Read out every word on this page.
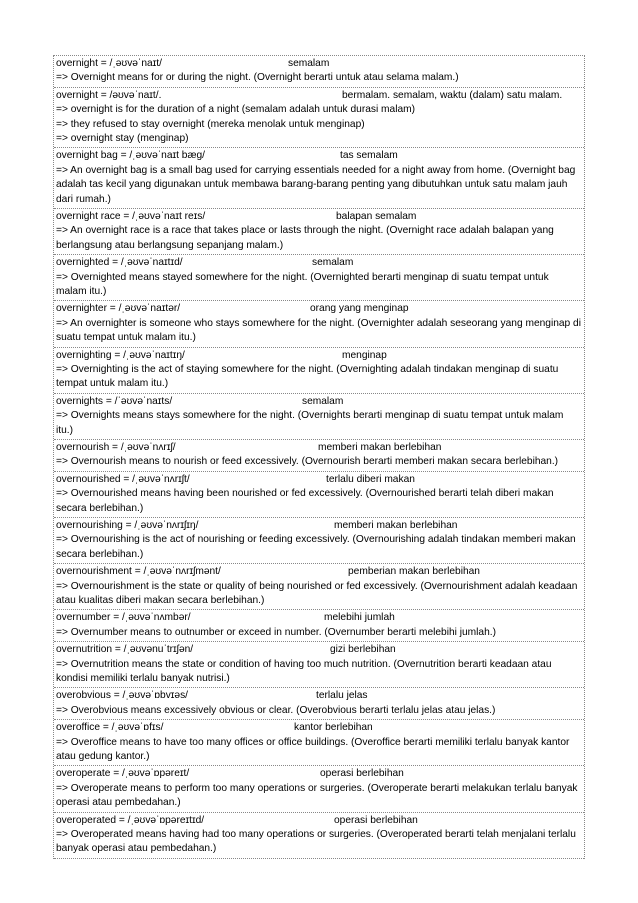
overnight = /ˌəʊvəˈnaɪt/	semalam
=> Overnight means for or during the night. (Overnight berarti untuk atau selama malam.)
overnight = /əʊvəˈnaɪt/.	bermalam. semalam, waktu (dalam) satu malam.
=> overnight is for the duration of a night (semalam adalah untuk durasi malam)
=> they refused to stay overnight (mereka menolak untuk menginap)
=> overnight stay (menginap)
overnight bag = /ˌəʊvəˈnaɪt bæɡ/	tas semalam
=> An overnight bag is a small bag used for carrying essentials needed for a night away from home. (Overnight bag adalah tas kecil yang digunakan untuk membawa barang-barang penting yang dibutuhkan untuk satu malam jauh dari rumah.)
overnight race = /ˌəʊvəˈnaɪt reɪs/	balapan semalam
=> An overnight race is a race that takes place or lasts through the night. (Overnight race adalah balapan yang berlangsung atau berlangsung sepanjang malam.)
overnighted = /ˌəʊvəˈnaɪtɪd/	semalam
=> Overnighted means stayed somewhere for the night. (Overnighted berarti menginap di suatu tempat untuk malam itu.)
overnighter = /ˌəʊvəˈnaɪtər/	orang yang menginap
=> An overnighter is someone who stays somewhere for the night. (Overnighter adalah seseorang yang menginap di suatu tempat untuk malam itu.)
overnighting = /ˌəʊvəˈnaɪtɪŋ/	menginap
=> Overnighting is the act of staying somewhere for the night. (Overnighting adalah tindakan menginap di suatu tempat untuk malam itu.)
overnights = /ˈəʊvəˈnaɪts/	semalam
=> Overnights means stays somewhere for the night. (Overnights berarti menginap di suatu tempat untuk malam itu.)
overnourish = /ˌəʊvəˈnʌrɪʃ/	memberi makan berlebihan
=> Overnourish means to nourish or feed excessively. (Overnourish berarti memberi makan secara berlebihan.)
overnourished = /ˌəʊvəˈnʌrɪʃt/	terlalu diberi makan
=> Overnourished means having been nourished or fed excessively. (Overnourished berarti telah diberi makan secara berlebihan.)
overnourishing = /ˌəʊvəˈnʌrɪʃɪŋ/	memberi makan berlebihan
=> Overnourishing is the act of nourishing or feeding excessively. (Overnourishing adalah tindakan memberi makan secara berlebihan.)
overnourishment = /ˌəʊvəˈnʌrɪʃmənt/	pemberian makan berlebihan
=> Overnourishment is the state or quality of being nourished or fed excessively. (Overnourishment adalah keadaan atau kualitas diberi makan secara berlebihan.)
overnumber = /ˌəʊvəˈnʌmbər/	melebihi jumlah
=> Overnumber means to outnumber or exceed in number. (Overnumber berarti melebihi jumlah.)
overnutrition = /ˌəʊvənuˈtrɪʃən/	gizi berlebihan
=> Overnutrition means the state or condition of having too much nutrition. (Overnutrition berarti keadaan atau kondisi memiliki terlalu banyak nutrisi.)
overobvious = /ˌəʊvəˈɒbvɪəs/	terlalu jelas
=> Overobvious means excessively obvious or clear. (Overobvious berarti terlalu jelas atau jelas.)
overoffice = /ˌəʊvəˈɒfɪs/	kantor berlebihan
=> Overoffice means to have too many offices or office buildings. (Overoffice berarti memiliki terlalu banyak kantor atau gedung kantor.)
overoperate = /ˌəʊvəˈɒpəreɪt/	operasi berlebihan
=> Overoperate means to perform too many operations or surgeries. (Overoperate berarti melakukan terlalu banyak operasi atau pembedahan.)
overoperated = /ˌəʊvəˈɒpəreɪtɪd/	operasi berlebihan
=> Overoperated means having had too many operations or surgeries. (Overoperated berarti telah menjalani terlalu banyak operasi atau pembedahan.)
